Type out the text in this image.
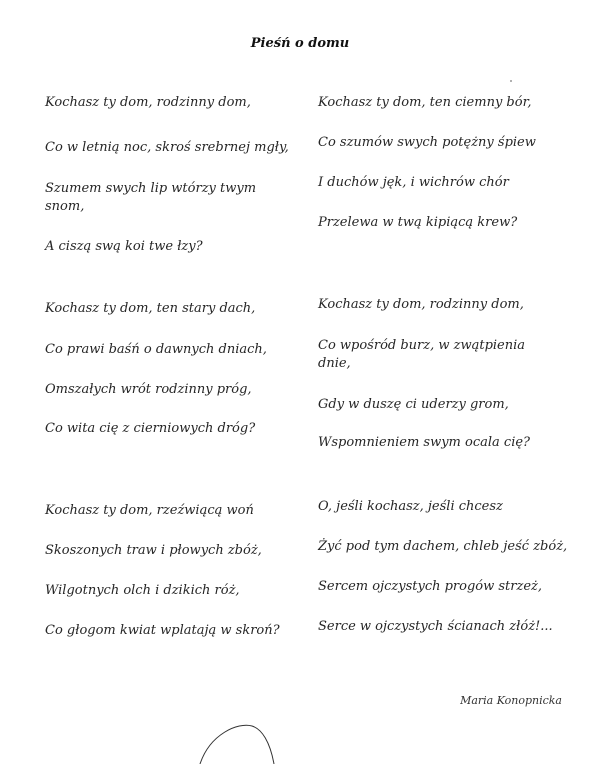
Pieśń o domu
Kochasz ty dom, rodzinny dom,
Co w letnią noc, skroś srebrnej mgły,
Szumem swych lip wtórzy twym snom,
A ciszą swą koi twe łzy?
Kochasz ty dom, ten stary dach,
Co prawi baśń o dawnych dniach,
Omszałych wrót rodzinny próg,
Co wita cię z cierniowych dróg?
Kochasz ty dom, rzeźwiącą woń
Skoszonych traw i płowych zbóż,
Wilgotnych olch i dzikich róż,
Co głogom kwiat wplatają w skroń?
Kochasz ty dom, ten ciemny bór,
Co szumów swych potężny śpiew
I duchów jęk, i wichrów chór
Przelewa w twą kipiącą krew?
Kochasz ty dom, rodzinny dom,
Co wpośród burz, w zwątpienia dnie,
Gdy w duszę ci uderzy grom,
Wspomnieniem swym ocala cię?
O, jeśli kochasz, jeśli chcesz
Żyć pod tym dachem, chleb jeść zbóż,
Sercem ojczystych progów strzeż,
Serce w ojczystych ścianach złóż!...
Maria Konopnicka
